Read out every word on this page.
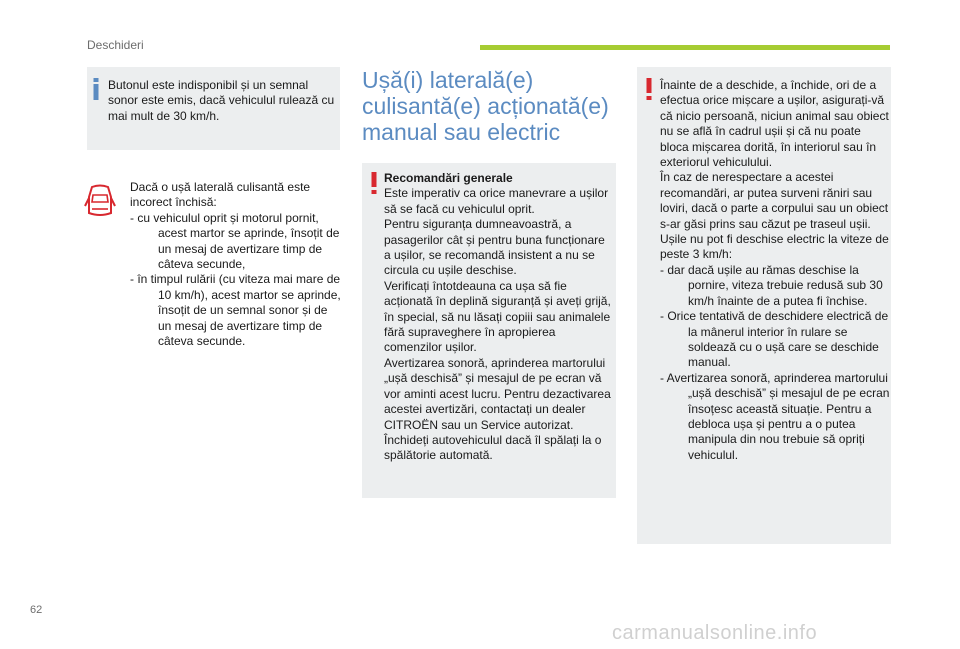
Deschideri
Butonul este indisponibil și un semnal sonor este emis, dacă vehiculul rulează cu mai mult de 30 km/h.

Dacă o ușă laterală culisantă este incorect închisă:

- cu vehiculul oprit și motorul pornit, acest martor se aprinde, însoțit de un mesaj de avertizare timp de câteva secunde,

- în timpul rulării (cu viteza mai mare de 10 km/h), acest martor se aprinde, însoțit de un semnal sonor și de un mesaj de avertizare timp de câteva secunde.

Ușă(i) laterală(e) culisantă(e) acționată(e) manual sau electric
Recomandări generale
Este imperativ ca orice manevrare a ușilor să se facă cu vehiculul oprit.
Pentru siguranța dumneavoastră, a pasagerilor cât și pentru buna funcționare a ușilor, se recomandă insistent a nu se circula cu ușile deschise.
Verificați întotdeauna ca ușa să fie acționată în deplină siguranță și aveți grijă, în special, să nu lăsați copiii sau animalele fără supraveghere în apropierea comenzilor ușilor.
Avertizarea sonoră, aprinderea martorului „ușă deschisă” și mesajul de pe ecran vă vor aminti acest lucru. Pentru dezactivarea acestei avertizări, contactați un dealer CITROËN sau un Service autorizat.
Închideți autovehiculul dacă îl spălați la o spălătorie automată.
Înainte de a deschide, a închide, ori de a efectua orice mișcare a ușilor, asigurați-vă că nicio persoană, niciun animal sau obiect nu se află în cadrul ușii și că nu poate bloca mișcarea dorită, în interiorul sau în exteriorul vehiculului.
În caz de nerespectare a acestei recomandări, ar putea surveni răniri sau loviri, dacă o parte a corpului sau un obiect s-ar găsi prins sau căzut pe traseul ușii.
Ușile nu pot fi deschise electric la viteze de peste 3 km/h:

- dar dacă ușile au rămas deschise la pornire, viteza trebuie redusă sub 30 km/h înainte de a putea fi închise.

- Orice tentativă de deschidere electrică de la mânerul interior în rulare se soldează cu o ușă care se deschide manual.

- Avertizarea sonoră, aprinderea martorului „ușă deschisă” și mesajul de pe ecran însoțesc această situație. Pentru a debloca ușa și pentru a o putea manipula din nou trebuie să opriți vehiculul.

62
carmanualsonline.info
